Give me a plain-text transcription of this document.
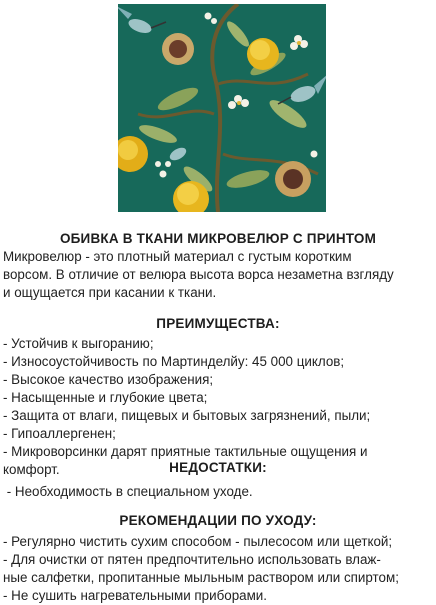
ОБИВКА В ТКАНИ МИКРОВЕЛЮР С ПРИНТОМ
Микровелюр - это плотный материал с густым коротким
ворсом. В отличие от велюра высота ворса незаметна взгляду
и ощущается при касании к ткани.
ПРЕИМУЩЕСТВА:
- Устойчив к выгоранию;
- Износоустойчивость по Мартинделйу: 45 000 циклов;
- Высокое качество изображения;
- Насыщенные и глубокие цвета;
- Защита от влаги, пищевых и бытовых загрязнений, пыли;
- Гипоаллергенен;
- Микроворсинки дарят приятные тактильные ощущения и
комфорт.	НЕДОСТАТКИ:
- Необходимость в специальном уходе.
РЕКОМЕНДАЦИИ ПО УХОДУ:
- Регулярно чистить сухим способом - пылесосом или щеткой;
- Для очистки от пятен предпочтительно использовать влаж-
ные салфетки, пропитанные мыльным раствором или спиртом;
- Не сушить нагревательными приборами.
